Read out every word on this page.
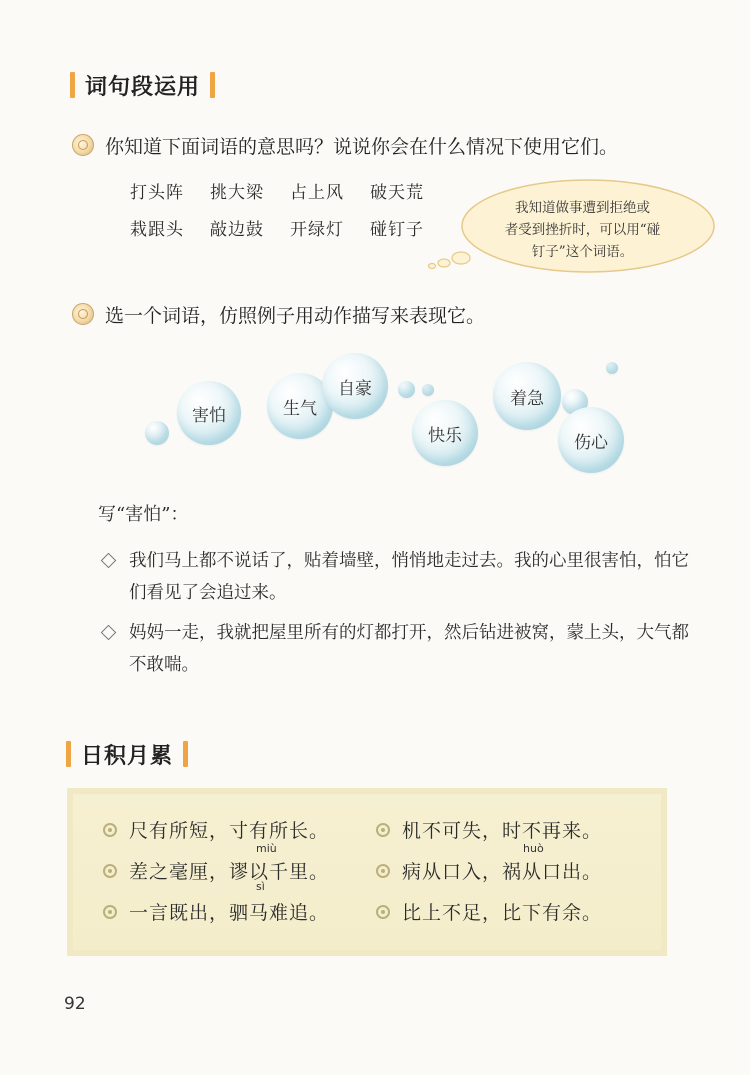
词句段运用
你知道下面词语的意思吗？说说你会在什么情况下使用它们。
打头阵 挑大梁 占上风 破天荒
栽跟头 敲边鼓 开绿灯 碰钉子
我知道做事遭到拒绝或
者受到挫折时，可以用“碰
钉子”这个词语。
选一个词语，仿照例子用动作描写来表现它。
害怕	生气
自豪
快乐
着急
伤心
写“害怕”：
我们马上都不说话了，贴着墙壁，悄悄地走过去。我的心里很害怕，怕它们看见了会追过来。
妈妈一走，我就把屋里所有的灯都打开，然后钻进被窝，蒙上头，大气都不敢喘。
日积月累
miù	huò
sì
尺有所短，寸有所长。	机不可失，时不再来。
差之毫厘，谬以千里。	病从口入，祸从口出。
一言既出，驷马难追。	比上不足，比下有余。
92
